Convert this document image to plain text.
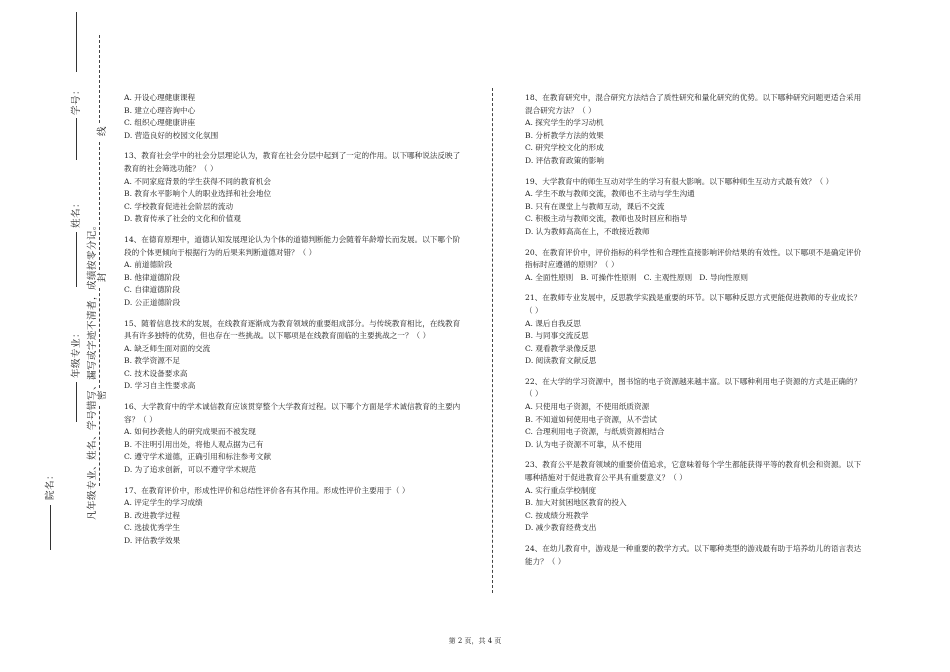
学号：
姓名：
年级专业：
院名：	凡年级专业、姓名、学号错写、漏写或字迹不清者，成绩按零分记。
线
封
密
A. 开设心理健康课程
B. 建立心理咨询中心
C. 组织心理健康讲座
D. 营造良好的校园文化氛围

13、教育社会学中的社会分层理论认为，教育在社会分层中起到了一定的作用。以下哪种说法反映了教育的社会筛选功能？（ ）

A. 不同家庭背景的学生获得不同的教育机会
B. 教育水平影响个人的职业选择和社会地位
C. 学校教育促进社会阶层的流动
D. 教育传承了社会的文化和价值观

14、在德育原理中，道德认知发展理论认为个体的道德判断能力会随着年龄增长而发展。以下哪个阶段的个体更倾向于根据行为的后果来判断道德对错？（ ）

A. 前道德阶段
B. 他律道德阶段
C. 自律道德阶段
D. 公正道德阶段

15、随着信息技术的发展，在线教育逐渐成为教育领域的重要组成部分。与传统教育相比，在线教育具有许多独特的优势，但也存在一些挑战。以下哪项是在线教育面临的主要挑战之一？（ ）

A. 缺乏师生面对面的交流
B. 教学资源不足
C. 技术设备要求高
D. 学习自主性要求高

16、大学教育中的学术诚信教育应该贯穿整个大学教育过程。以下哪个方面是学术诚信教育的主要内容？（ ）

A. 如何抄袭他人的研究成果而不被发现
B. 不注明引用出处，将他人观点据为己有
C. 遵守学术道德，正确引用和标注参考文献
D. 为了追求创新，可以不遵守学术规范

17、在教育评价中，形成性评价和总结性评价各有其作用。形成性评价主要用于（ ）

A. 评定学生的学习成绩
B. 改进教学过程
C. 选拔优秀学生
D. 评估教学效果

18、在教育研究中，混合研究方法结合了质性研究和量化研究的优势。以下哪种研究问题更适合采用混合研究方法？（ ）

A. 探究学生的学习动机
B. 分析教学方法的效果
C. 研究学校文化的形成
D. 评估教育政策的影响

19、大学教育中的师生互动对学生的学习有很大影响。以下哪种师生互动方式最有效？（ ）

A. 学生不敢与教师交流，教师也不主动与学生沟通
B. 只有在课堂上与教师互动，课后不交流
C. 积极主动与教师交流，教师也及时回应和指导
D. 认为教师高高在上，不敢接近教师

20、在教育评价中，评价指标的科学性和合理性直接影响评价结果的有效性。以下哪项不是确定评价指标时应遵循的原则？（ ）

A. 全面性原则   B. 可操作性原则   C. 主观性原则   D. 导向性原则

21、在教师专业发展中，反思教学实践是重要的环节。以下哪种反思方式更能促进教师的专业成长？（ ）

A. 课后自我反思
B. 与同事交流反思
C. 观看教学录像反思
D. 阅读教育文献反思

22、在大学的学习资源中，图书馆的电子资源越来越丰富。以下哪种利用电子资源的方式是正确的？（ ）

A. 只使用电子资源，不使用纸质资源
B. 不知道如何使用电子资源，从不尝试
C. 合理利用电子资源，与纸质资源相结合
D. 认为电子资源不可靠，从不使用

23、教育公平是教育领域的重要价值追求，它意味着每个学生都能获得平等的教育机会和资源。以下哪种措施对于促进教育公平具有重要意义？（ ）

A. 实行重点学校制度
B. 加大对贫困地区教育的投入
C. 按成绩分班教学
D. 减少教育经费支出

24、在幼儿教育中，游戏是一种重要的教学方式。以下哪种类型的游戏最有助于培养幼儿的语言表达能力？（ ）

第 2 页，共 4 页
